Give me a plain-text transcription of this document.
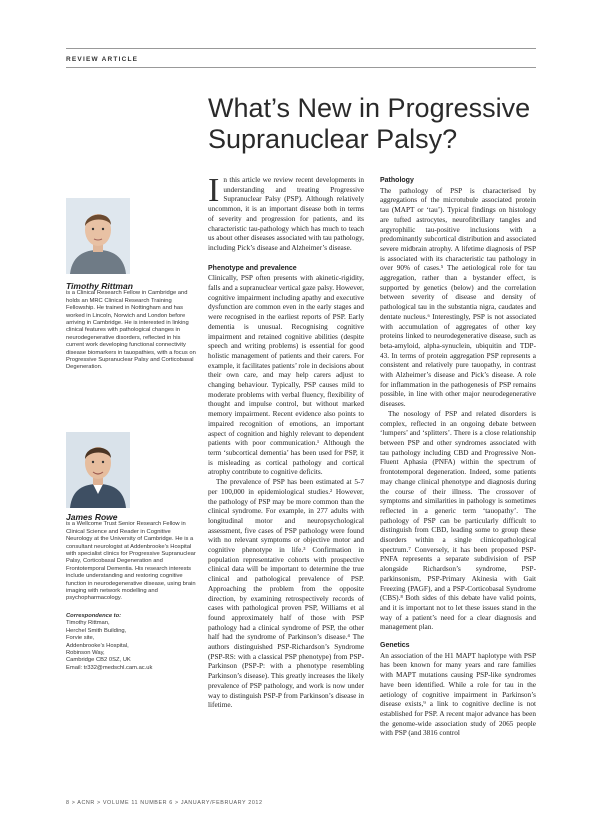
REVIEW ARTICLE
What’s New in Progressive Supranuclear Palsy?

Timothy Rittman

is a Clinical Research Fellow in Cambridge and holds an MRC Clinical Research Training Fellowship. He trained in Nottingham and has worked in Lincoln, Norwich and London before arriving in Cambridge. He is interested in linking clinical features with pathological changes in neurodegenerative disorders, reflected in his current work developing functional connectivity disease biomarkers in tauopathies, with a focus on Progressive Supranuclear Palsy and Corticobasal Degeneration.

James Rowe

is a Wellcome Trust Senior Research Fellow in Clinical Science and Reader in Cognitive Neurology at the University of Cambridge. He is a consultant neurologist at Addenbrooke’s Hospital with specialist clinics for Progressive Supranuclear Palsy, Corticobasal Degeneration and Frontotemporal Dementia. His research interests include understanding and restoring cognitive function in neurodegenerative disease, using brain imaging with network modelling and psychopharmacology.

Correspondence to:

Timothy Rittman,

Herchel Smith Building,

Forvie site,

Addenbrooke’s Hospital,

Robinson Way,

Cambridge CB2 0SZ, UK

Email: tr332@medschl.cam.ac.uk

I n this article we review recent developments in understanding and treating Progressive Supranuclear Palsy (PSP). Although relatively uncommon, it is an important disease both in terms of severity and progression for patients, and its characteristic tau-pathology which has much to teach us about other diseases associated with tau pathology, including Pick’s disease and Alzheimer’s disease.
Phenotype and prevalence

Clinically, PSP often presents with akinetic-rigidity, falls and a supranuclear vertical gaze palsy. However, cognitive impairment including apathy and executive dysfunction are common even in the early stages and were recognised in the earliest reports of PSP. Early dementia is unusual. Recognising cognitive impairment and retained cognitive abilities (despite speech and writing problems) is essential for good holistic management of patients and their carers. For example, it facilitates patients’ role in decisions about their own care, and may help carers adjust to changing behaviour. Typically, PSP causes mild to moderate problems with verbal fluency, flexibility of thought and impulse control, but without marked memory impairment. Recent evidence also points to impaired recognition of emotions, an important aspect of cognition and highly relevant to dependent patients with poor communication.¹ Although the term ‘subcortical dementia’ has been used for PSP, it is misleading as cortical pathology and cortical atrophy contribute to cognitive deficits.

The prevalence of PSP has been estimated at 5-7 per 100,000 in epidemiological studies.² However, the pathology of PSP may be more common than the clinical syndrome. For example, in 277 adults with longitudinal motor and neuropsychological assessment, five cases of PSP pathology were found with no relevant symptoms or objective motor and cognitive phenotype in life.³ Confirmation in population representative cohorts with prospective clinical data will be important to determine the true clinical and pathological prevalence of PSP. Approaching the problem from the opposite direction, by examining retrospectively records of cases with pathological proven PSP, Williams et al found approximately half of those with PSP pathology had a clinical syndrome of PSP, the other half had the syndrome of Parkinson’s disease.⁴ The authors distinguished PSP-Richardson’s Syndrome (PSP-RS: with a classical PSP phenotype) from PSP-Parkinson (PSP-P: with a phenotype resembling Parkinson’s disease). This greatly increases the likely prevalence of PSP pathology, and work is now under way to distinguish PSP-P from Parkinson’s disease in lifetime.

Pathology

The pathology of PSP is characterised by aggregations of the microtubule associated protein tau (MAPT or ‘tau’). Typical findings on histology are tufted astrocytes, neurofibrillary tangles and argyrophilic tau-positive inclusions with a predominantly subcortical distribution and associated severe midbrain atrophy. A lifetime diagnosis of PSP is associated with its characteristic tau pathology in over 90% of cases.⁵ The aetiological role for tau aggregation, rather than a bystander effect, is supported by genetics (below) and the correlation between severity of disease and density of pathological tau in the substantia nigra, caudates and dentate nucleus.⁶ Interestingly, PSP is not associated with accumulation of aggregates of other key proteins linked to neurodegenerative disease, such as beta-amyloid, alpha-synuclein, ubiquitin and TDP-43. In terms of protein aggregation PSP represents a consistent and relatively pure tauopathy, in contrast with Alzheimer’s disease and Pick’s disease. A role for inflammation in the pathogenesis of PSP remains possible, in line with other major neurodegenerative diseases.

The nosology of PSP and related disorders is complex, reflected in an ongoing debate between ‘lumpers’ and ‘splitters’. There is a close relationship between PSP and other syndromes associated with tau pathology including CBD and Progressive Non-Fluent Aphasia (PNFA) within the spectrum of frontotemporal degeneration. Indeed, some patients may change clinical phenotype and diagnosis during the course of their illness. The crossover of symptoms and similarities in pathology is sometimes reflected in a generic term ‘tauopathy’. The pathology of PSP can be particularly difficult to distinguish from CBD, leading some to group these disorders within a single clinicopathological spectrum.⁷ Conversely, it has been proposed PSP-PNFA represents a separate subdivision of PSP alongside Richardson’s syndrome, PSP-parkinsonism, PSP-Primary Akinesia with Gait Freezing (PAGF), and a PSP-Corticobasal Syndrome (CBS).⁸ Both sides of this debate have valid points, and it is important not to let these issues stand in the way of a patient’s need for a clear diagnosis and management plan.

Genetics

An association of the H1 MAPT haplotype with PSP has been known for many years and rare families with MAPT mutations causing PSP-like syndromes have been identified. While a role for tau in the aetiology of cognitive impairment in Parkinson’s disease exists,⁹ a link to cognitive decline is not established for PSP. A recent major advance has been the genome-wide association study of 2065 people with PSP (and 3816 control

8 > ACNR > VOLUME 11 NUMBER 6 > JANUARY/FEBRUARY 2012
